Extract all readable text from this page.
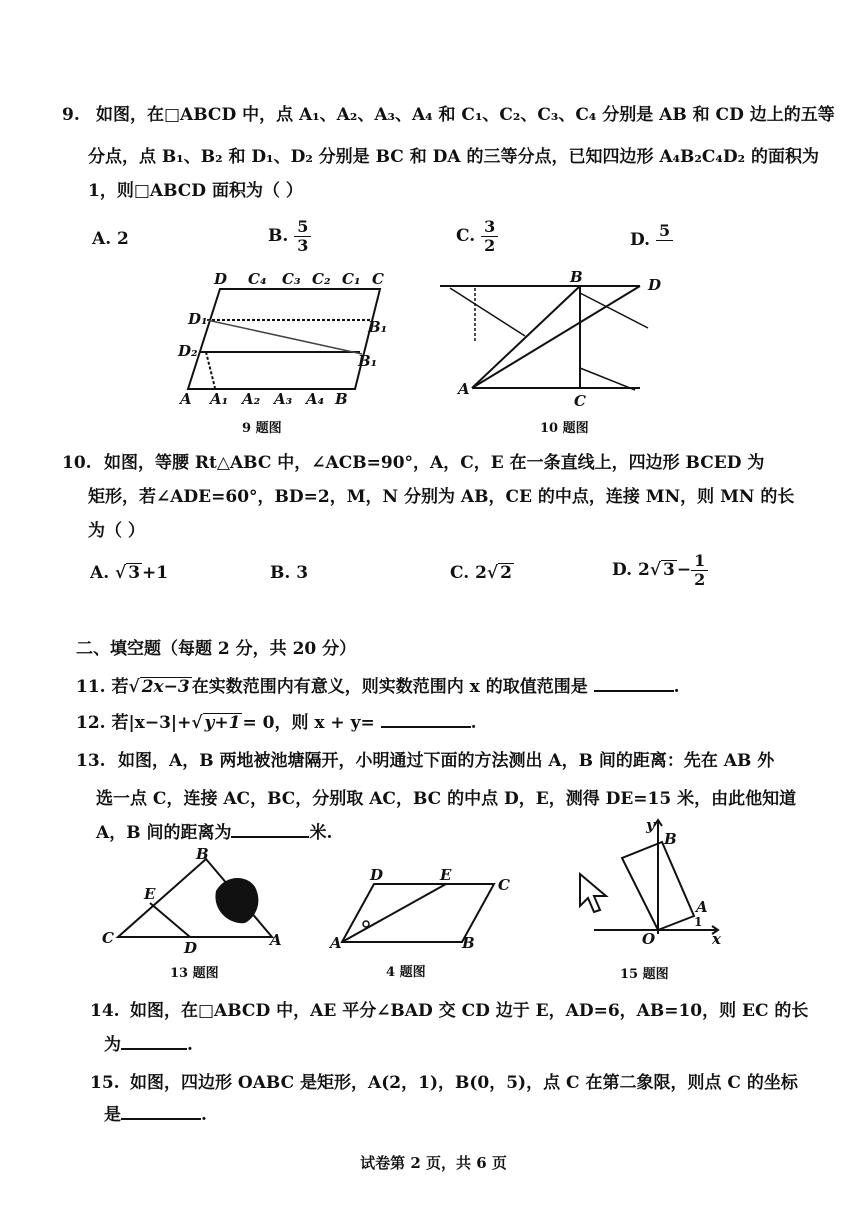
9. 如图，在□ABCD 中，点 A₁、A₂、A₃、A₄ 和 C₁、C₂、C₃、C₄ 分别是 AB 和 CD 边上的五等
分点，点 B₁、B₂ 和 D₁、D₂ 分别是 BC 和 DA 的三等分点，已知四边形 A₄B₂C₄D₂ 的面积为
1，则□ABCD 面积为（ ）
A. 2	B. $\frac{5}{3}$	C. $\frac{3}{2}$	D. 5

D C₄ C₃ C₂ C₁ C
D₁	B₁
D₂
B₁
A A₁ A₂ A₃ A₄ B
9 题图
B	D
A
C
10 题图
10. 如图，等腰 Rt△ABC 中，∠ACB=90°，A，C，E 在一条直线上，四边形 BCED 为
矩形，若∠ADE=60°，BD=2，M，N 分别为 AB，CE 的中点，连接 MN，则 MN 的长
为（ ）
A. √ 3 +1	B. 3	C. 2√ 2	D. 2√ $3 - \frac{1}{2}$
二、填空题（每题 2 分，共 20 分）
11. 若√ 2x−3 在实数范围内有意义，则实数范围内 x 的取值范围是	.
12. 若|x−3|+√ y+1 = 0，则 x + y=	.
13. 如图，A，B 两地被池塘隔开，小明通过下面的方法测出 A，B 间的距离：先在 AB 外
选一点 C，连接 AC，BC，分别取 AC，BC 的中点 D，E，测得 DE=15 米，由此他知道
A，B 间的距离为	米.
B
E
C
D	A
13 题图
D	E
C
A	B
4 题图
y
B
A
1
O	x
15 题图
14. 如图，在□ABCD 中，AE 平分∠BAD 交 CD 边于 E，AD=6，AB=10，则 EC 的长
为	.
15. 如图，四边形 OABC 是矩形，A(2，1)，B(0，5)，点 C 在第二象限，则点 C 的坐标
是	.
试卷第 2 页，共 6 页
